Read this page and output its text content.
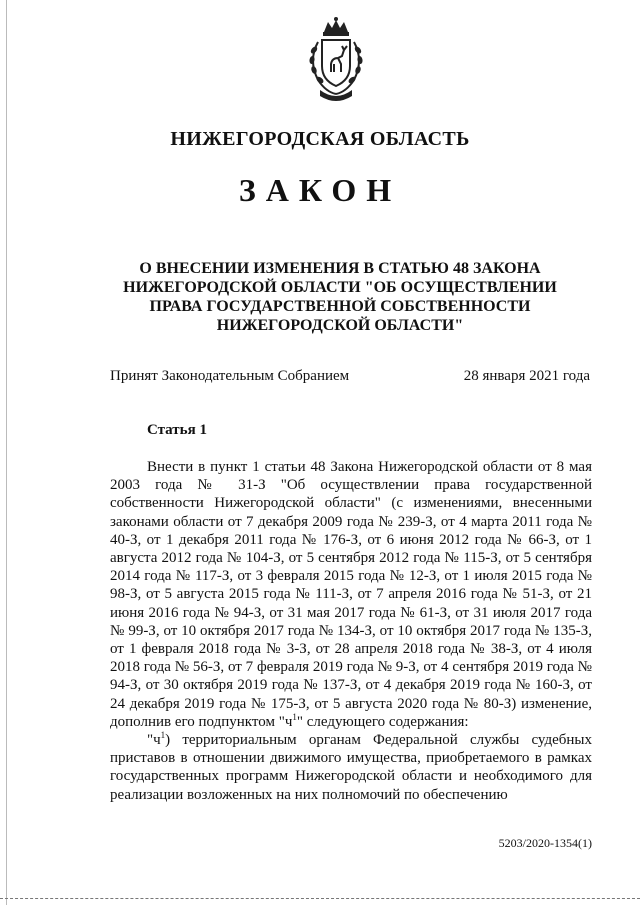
НИЖЕГОРОДСКАЯ ОБЛАСТЬ
ЗАКОН
О ВНЕСЕНИИ ИЗМЕНЕНИЯ В СТАТЬЮ 48 ЗАКОНА НИЖЕГОРОДСКОЙ ОБЛАСТИ "ОБ ОСУЩЕСТВЛЕНИИ ПРАВА ГОСУДАРСТВЕННОЙ СОБСТВЕННОСТИ НИЖЕГОРОДСКОЙ ОБЛАСТИ"
Принят Законодательным Собранием	28 января 2021 года
Статья 1

Внести в пункт 1 статьи 48 Закона Нижегородской области от 8 мая 2003 года № 31-З "Об осуществлении права государственной собственности Нижегородской области" (с изменениями, внесенными законами области от 7 декабря 2009 года № 239-З, от 4 марта 2011 года № 40-З, от 1 декабря 2011 года № 176-З, от 6 июня 2012 года № 66-З, от 1 августа 2012 года № 104-З, от 5 сентября 2012 года № 115-З, от 5 сентября 2014 года № 117-З, от 3 февраля 2015 года № 12-З, от 1 июля 2015 года № 98-З, от 5 августа 2015 года № 111-З, от 7 апреля 2016 года № 51-З, от 21 июня 2016 года № 94-З, от 31 мая 2017 года № 61-З, от 31 июля 2017 года № 99-З, от 10 октября 2017 года № 134-З, от 10 октября 2017 года № 135-З, от 1 февраля 2018 года № 3-З, от 28 апреля 2018 года № 38-З, от 4 июля 2018 года № 56-З, от 7 февраля 2019 года № 9-З, от 4 сентября 2019 года № 94-З, от 30 октября 2019 года № 137-З, от 4 декабря 2019 года № 160-З, от 24 декабря 2019 года № 175-З, от 5 августа 2020 года № 80-З) изменение, дополнив его подпунктом "$ч^1$" следующего содержания:

"$ч^1$) территориальным органам Федеральной службы судебных приставов в отношении движимого имущества, приобретаемого в рамках государственных программ Нижегородской области и необходимого для реализации возложенных на них полномочий по обеспечению

5203/2020-1354(1)
